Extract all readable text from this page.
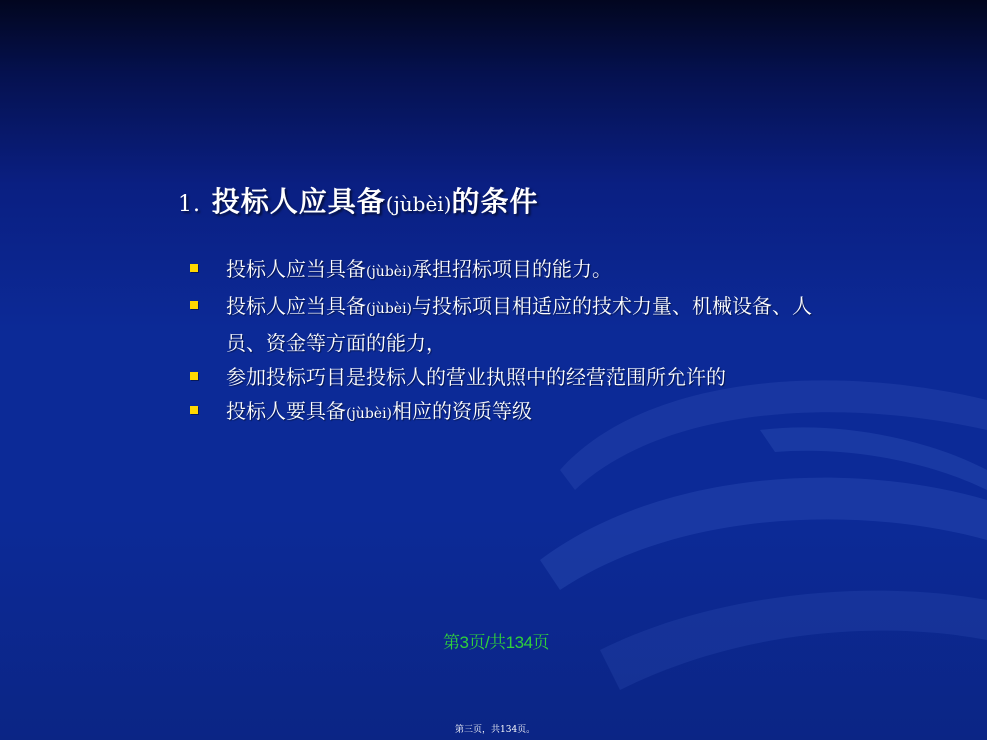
1. 投标人应具备(jùbèi)的条件
投标人应当具备(jùbèi)承担招标项目的能力。
投标人应当具备(jùbèi)与投标项目相适应的技术力量、机械设备、人员、资金等方面的能力，
参加投标巧目是投标人的营业执照中的经营范围所允许的
投标人要具备(jùbèi)相应的资质等级
第3页/共134页
第三页，共134页。
